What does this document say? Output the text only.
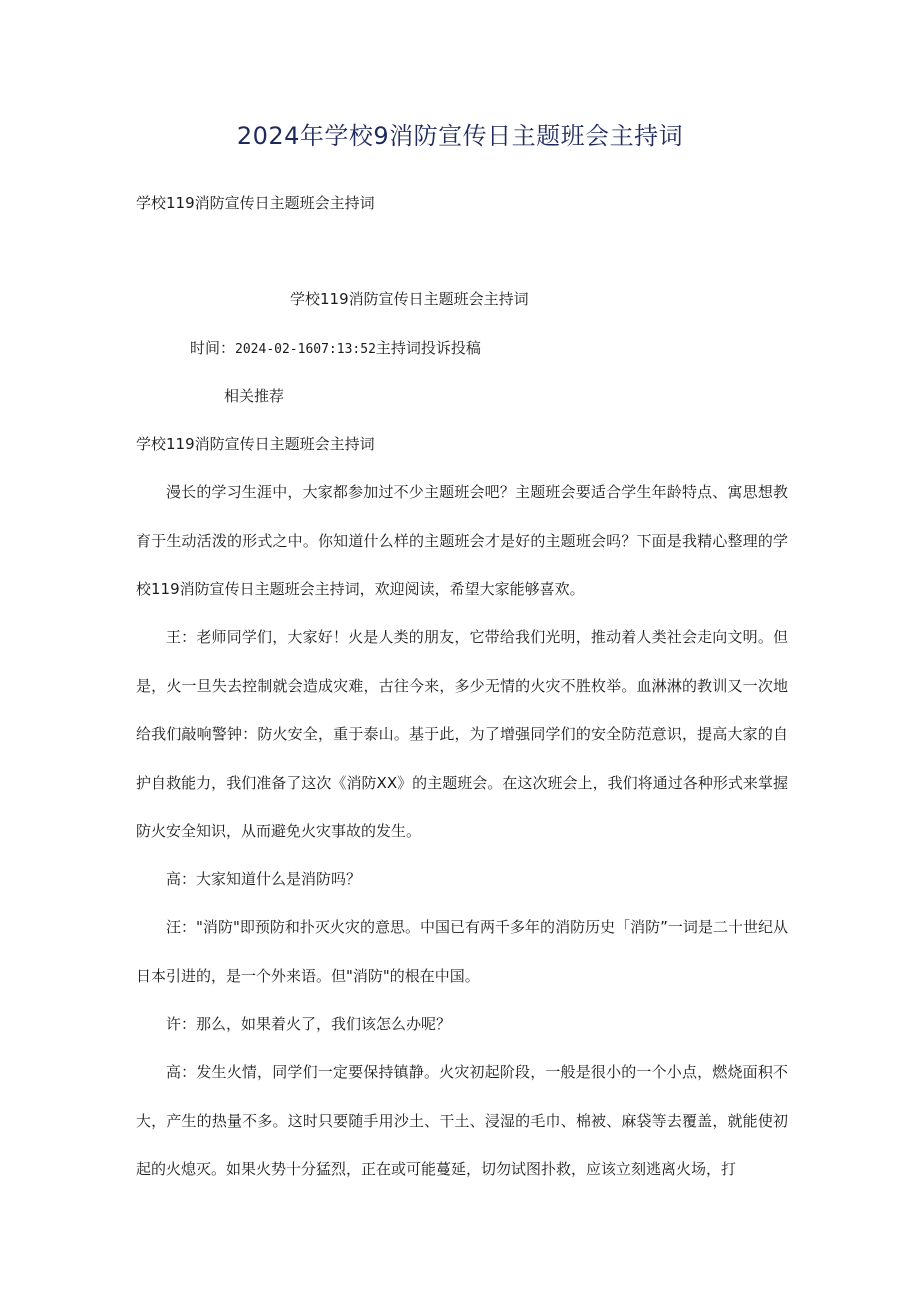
2024年学校9消防宣传日主题班会主持词
学校119消防宣传日主题班会主持词
学校119消防宣传日主题班会主持词
时间：2024-02-1607:13:52主持词投诉投稿
相关推荐
学校119消防宣传日主题班会主持词

漫长的学习生涯中，大家都参加过不少主题班会吧？主题班会要适合学生年龄特点、寓思想教育于生动活泼的形式之中。你知道什么样的主题班会才是好的主题班会吗？下面是我精心整理的学校119消防宣传日主题班会主持词，欢迎阅读，希望大家能够喜欢。

王：老师同学们，大家好！火是人类的朋友，它带给我们光明，推动着人类社会走向文明。但是，火一旦失去控制就会造成灾难，古往今来，多少无情的火灾不胜枚举。血淋淋的教训又一次地给我们敲响警钟：防火安全，重于泰山。基于此，为了增强同学们的安全防范意识，提高大家的自护自救能力，我们准备了这次《消防XX》的主题班会。在这次班会上，我们将通过各种形式来掌握防火安全知识，从而避免火灾事故的发生。

高：大家知道什么是消防吗？

汪："消防"即预防和扑灭火灾的意思。中国已有两千多年的消防历史「消防”一词是二十世纪从日本引进的，是一个外来语。但"消防"的根在中国。

许：那么，如果着火了，我们该怎么办呢？

高：发生火情，同学们一定要保持镇静。火灾初起阶段，一般是很小的一个小点，燃烧面积不大，产生的热量不多。这时只要随手用沙土、干土、浸湿的毛巾、棉被、麻袋等去覆盖，就能使初起的火熄灭。如果火势十分猛烈，正在或可能蔓延，切勿试图扑救，应该立刻逃离火场，打
